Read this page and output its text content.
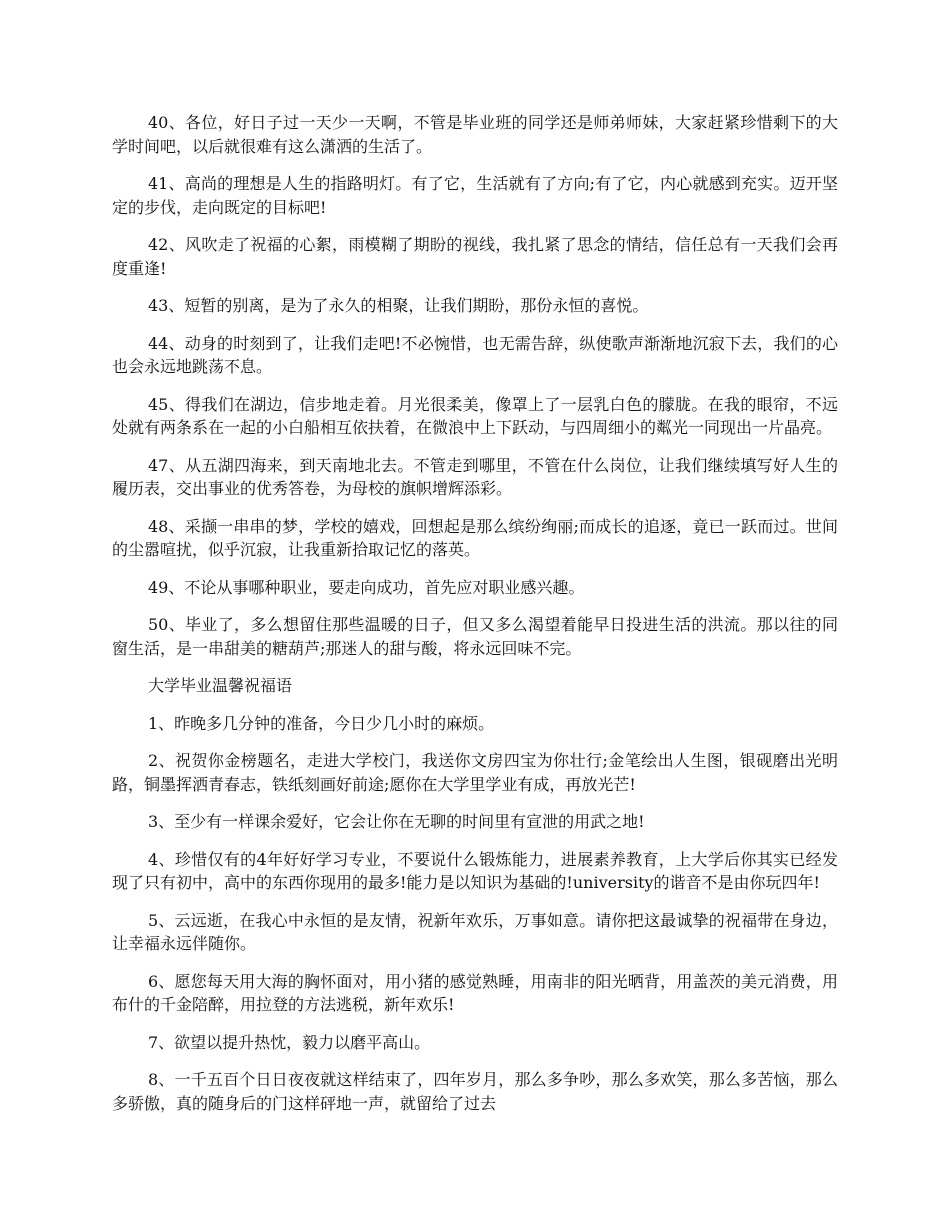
40、各位，好日子过一天少一天啊，不管是毕业班的同学还是师弟师妹，大家赶紧珍惜剩下的大学时间吧，以后就很难有这么潇洒的生活了。

41、高尚的理想是人生的指路明灯。有了它，生活就有了方向;有了它，内心就感到充实。迈开坚定的步伐，走向既定的目标吧!

42、风吹走了祝福的心絮，雨模糊了期盼的视线，我扎紧了思念的情结，信任总有一天我们会再度重逢!

43、短暂的别离，是为了永久的相聚，让我们期盼，那份永恒的喜悦。

44、动身的时刻到了，让我们走吧!不必惋惜，也无需告辞，纵使歌声渐渐地沉寂下去，我们的心也会永远地跳荡不息。

45、得我们在湖边，信步地走着。月光很柔美，像罩上了一层乳白色的朦胧。在我的眼帘，不远处就有两条系在一起的小白船相互依扶着，在微浪中上下跃动，与四周细小的粼光一同现出一片晶亮。

47、从五湖四海来，到天南地北去。不管走到哪里，不管在什么岗位，让我们继续填写好人生的履历表，交出事业的优秀答卷，为母校的旗帜增辉添彩。

48、采撷一串串的梦，学校的嬉戏，回想起是那么缤纷绚丽;而成长的追逐，竟已一跃而过。世间的尘嚣喧扰，似乎沉寂，让我重新拾取记忆的落英。

49、不论从事哪种职业，要走向成功，首先应对职业感兴趣。

50、毕业了，多么想留住那些温暖的日子，但又多么渴望着能早日投进生活的洪流。那以往的同窗生活，是一串甜美的糖葫芦;那迷人的甜与酸，将永远回味不完。

大学毕业温馨祝福语

1、昨晚多几分钟的准备，今日少几小时的麻烦。

2、祝贺你金榜题名，走进大学校门，我送你文房四宝为你壮行;金笔绘出人生图，银砚磨出光明路，铜墨挥洒青春志，铁纸刻画好前途;愿你在大学里学业有成，再放光芒!

3、至少有一样课余爱好，它会让你在无聊的时间里有宣泄的用武之地!

4、珍惜仅有的4年好好学习专业，不要说什么锻炼能力，进展素养教育，上大学后你其实已经发现了只有初中，高中的东西你现用的最多!能力是以知识为基础的!university的谐音不是由你玩四年!

5、云远逝，在我心中永恒的是友情，祝新年欢乐，万事如意。请你把这最诚挚的祝福带在身边，让幸福永远伴随你。

6、愿您每天用大海的胸怀面对，用小猪的感觉熟睡，用南非的阳光晒背，用盖茨的美元消费，用布什的千金陪醉，用拉登的方法逃税，新年欢乐!

7、欲望以提升热忱，毅力以磨平高山。

8、一千五百个日日夜夜就这样结束了，四年岁月，那么多争吵，那么多欢笑，那么多苦恼，那么多骄傲，真的随身后的门这样砰地一声，就留给了过去
